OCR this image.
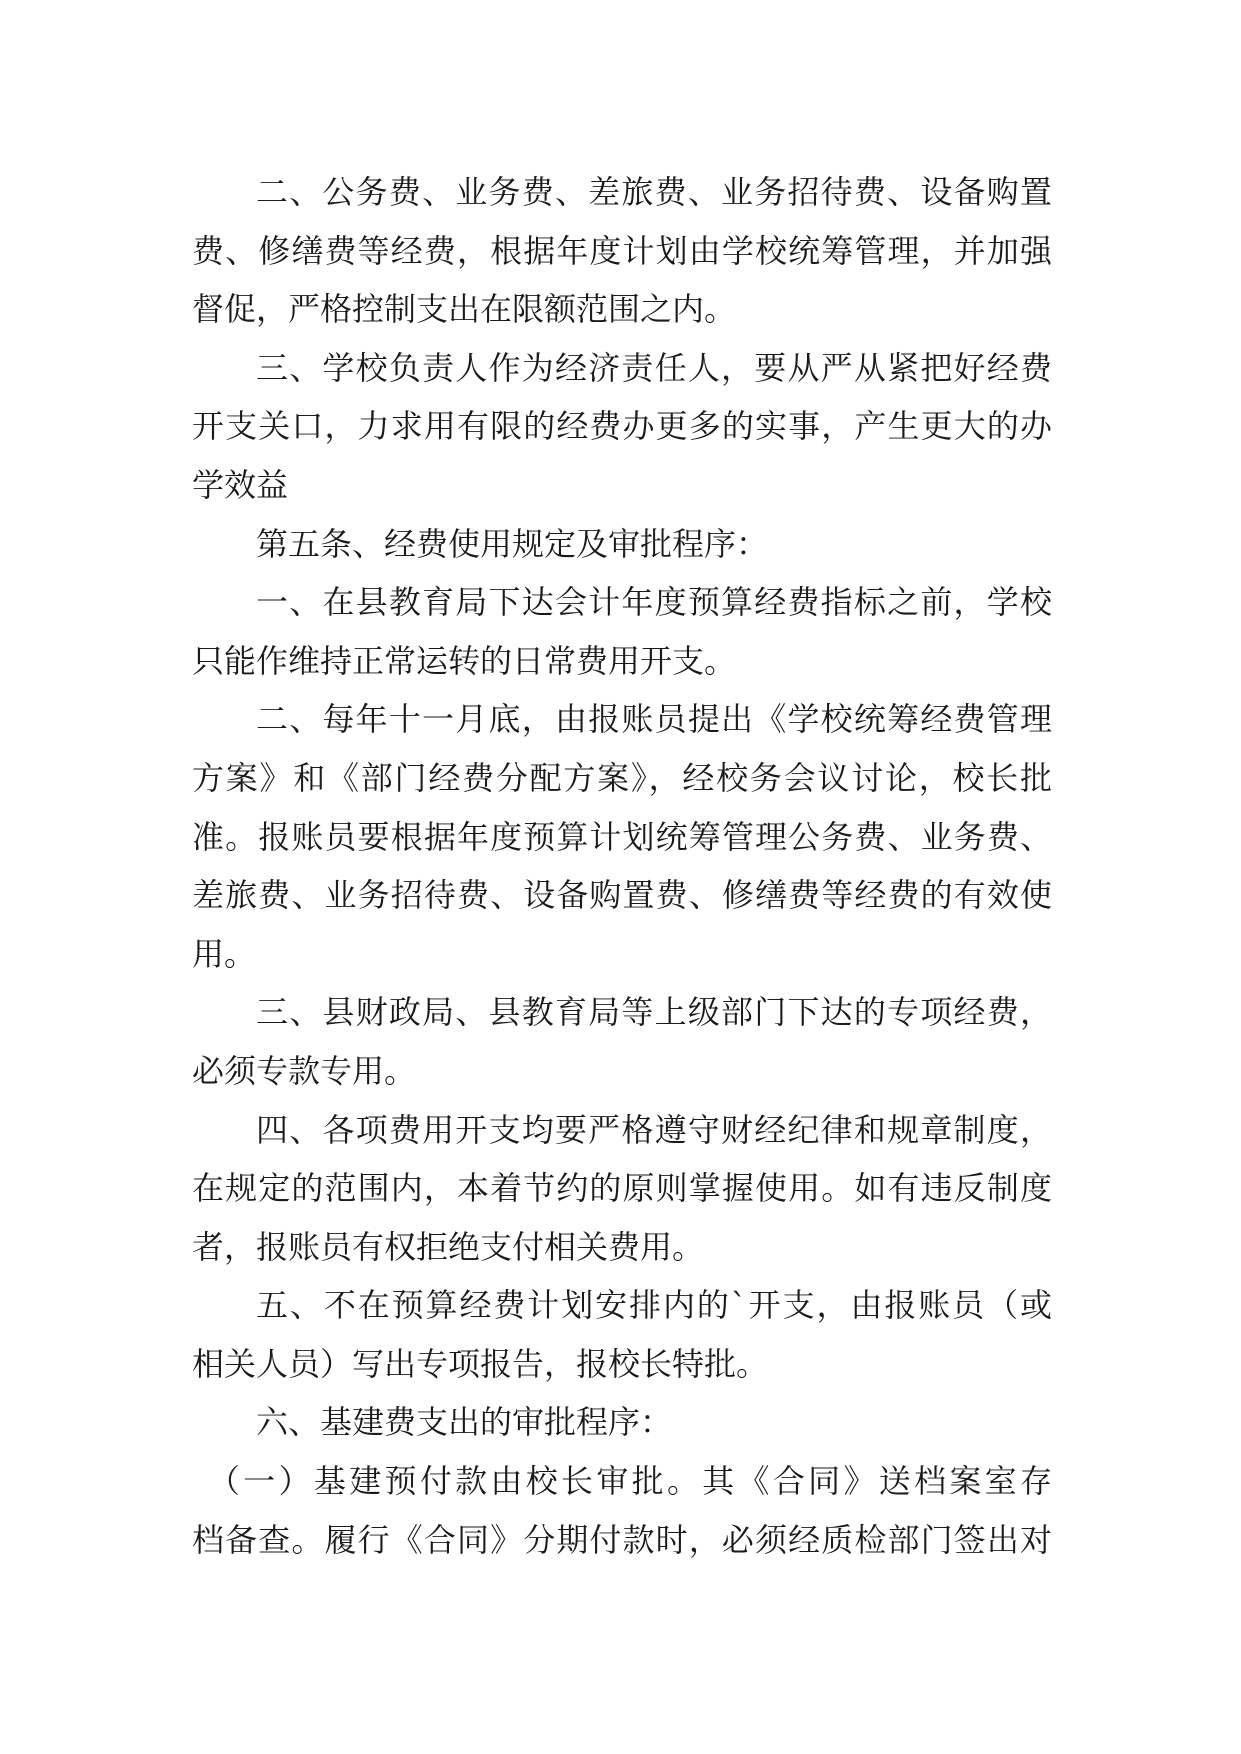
二、公务费、业务费、差旅费、业务招待费、设备购置
费、修缮费等经费，根据年度计划由学校统筹管理，并加强
督促，严格控制支出在限额范围之内。
三、学校负责人作为经济责任人，要从严从紧把好经费
开支关口，力求用有限的经费办更多的实事，产生更大的办
学效益
第五条、经费使用规定及审批程序：
一、在县教育局下达会计年度预算经费指标之前，学校
只能作维持正常运转的日常费用开支。
二、每年十一月底，由报账员提出《学校统筹经费管理
方案》和《部门经费分配方案》，经校务会议讨论，校长批
准。报账员要根据年度预算计划统筹管理公务费、业务费、
差旅费、业务招待费、设备购置费、修缮费等经费的有效使
用。
三、县财政局、县教育局等上级部门下达的专项经费，
必须专款专用。
四、各项费用开支均要严格遵守财经纪律和规章制度，
在规定的范围内，本着节约的原则掌握使用。如有违反制度
者，报账员有权拒绝支付相关费用。
五、不在预算经费计划安排内的`开支，由报账员（或
相关人员）写出专项报告，报校长特批。
六、基建费支出的审批程序：
（一）基建预付款由校长审批。其《合同》送档案室存
档备查。履行《合同》分期付款时，必须经质检部门签出对
